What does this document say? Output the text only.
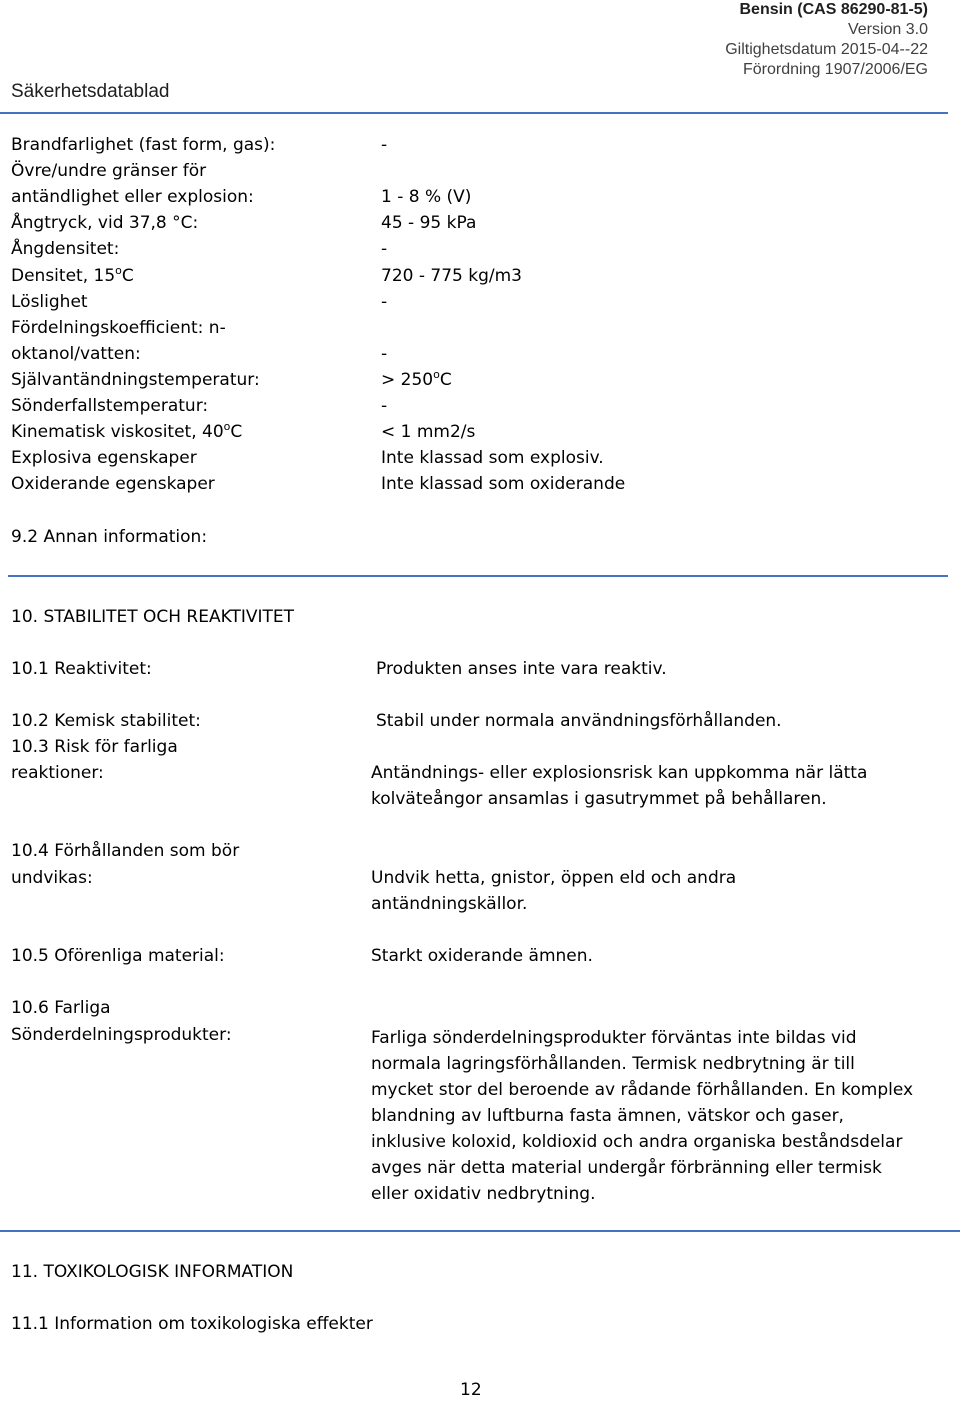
Bensin (CAS 86290-81-5)
Version 3.0
Giltighetsdatum 2015-04--22
Förordning 1907/2006/EG
Säkerhetsdatablad
Brandfarlighet (fast form, gas):	-
Övre/undre gränser för
antändlighet eller explosion:	1 - 8 % (V)
Ångtryck, vid 37,8 °C:	45 - 95 kPa
Ångdensitet:	-
Densitet, 15$^o$C	720 - 775 kg/m3
Löslighet	-
Fördelningskoefficient: n-
oktanol/vatten:	-
Självantändningstemperatur:	> $250^oC$
Sönderfallstemperatur:	-
Kinematisk viskositet, $40^oC$	< 1 mm2/s
Explosiva egenskaper	Inte klassad som explosiv.
Oxiderande egenskaper	Inte klassad som oxiderande
9.2 Annan information:
10. STABILITET OCH REAKTIVITET
10.1 Reaktivitet:	Produkten anses inte vara reaktiv.
10.2 Kemisk stabilitet:	Stabil under normala användningsförhållanden.
10.3 Risk för farliga
reaktioner:	Antändnings- eller explosionsrisk kan uppkomma när lätta
kolväteångor ansamlas i gasutrymmet på behållaren.
10.4 Förhållanden som bör
undvikas:	Undvik hetta, gnistor, öppen eld och andra
antändningskällor.
10.5 Oförenliga material:	Starkt oxiderande ämnen.
10.6 Farliga
Sönderdelningsprodukter:	Farliga sönderdelningsprodukter förväntas inte bildas vid
normala lagringsförhållanden. Termisk nedbrytning är till
mycket stor del beroende av rådande förhållanden. En komplex
blandning av luftburna fasta ämnen, vätskor och gaser,
inklusive koloxid, koldioxid och andra organiska beståndsdelar
avges när detta material undergår förbränning eller termisk
eller oxidativ nedbrytning.
11. TOXIKOLOGISK INFORMATION
11.1 Information om toxikologiska effekter
12
